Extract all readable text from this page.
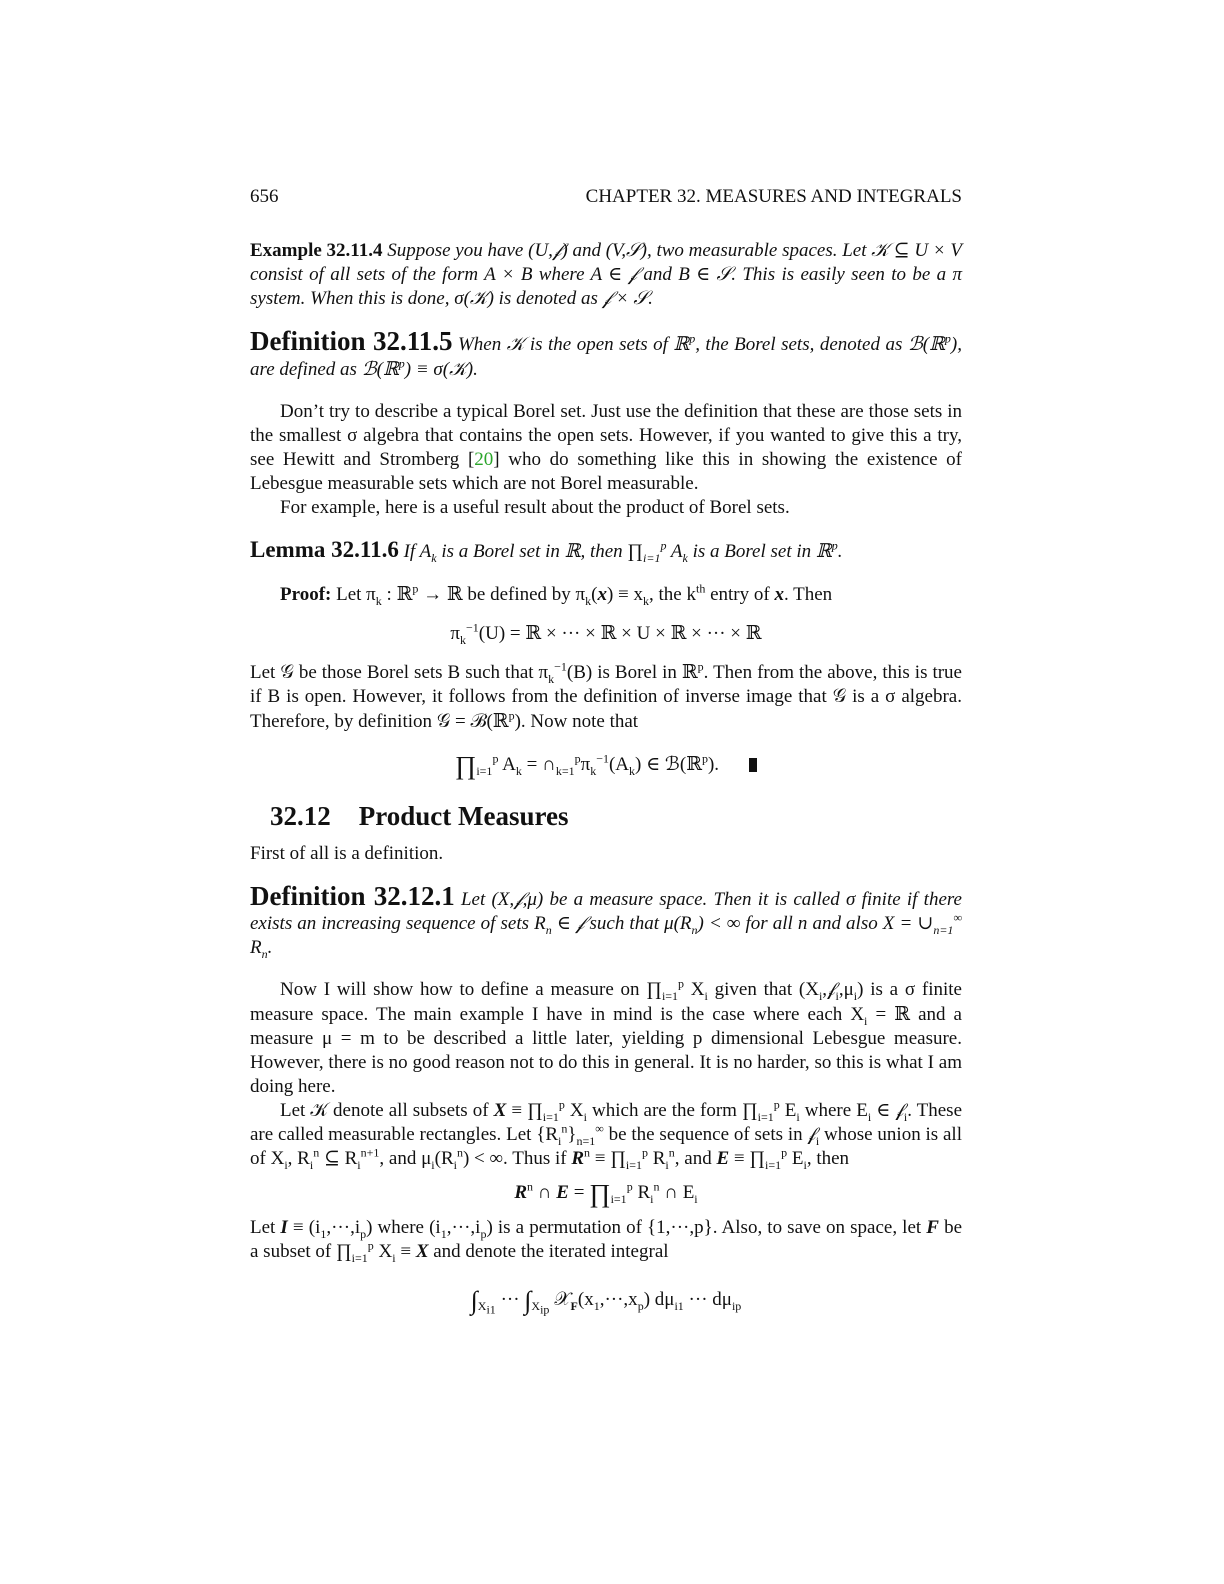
656	CHAPTER 32. MEASURES AND INTEGRALS

Example 32.11.4 Suppose you have (U,𝒻) and (V,𝒮), two measurable spaces. Let 𝒦 ⊆ U × V consist of all sets of the form A × B where A ∈ 𝒻 and B ∈ 𝒮. This is easily seen to be a π system. When this is done, σ(𝒦) is denoted as 𝒻 × 𝒮.

Definition 32.11.5 When 𝒦 is the open sets of ℝ$^p$, the Borel sets, denoted as ℬ(ℝ$^p$), are defined as ℬ(ℝ$^p$) ≡ σ(𝒦).

Don’t try to describe a typical Borel set. Just use the definition that these are those sets in the smallest σ algebra that contains the open sets. However, if you wanted to give this a try, see Hewitt and Stromberg [20] who do something like this in showing the existence of Lebesgue measurable sets which are not Borel measurable.

For example, here is a useful result about the product of Borel sets.

Lemma 32.11.6 If $A_k$ is a Borel set in ℝ, then $\prod_{i=1}^p$ $A_k$ is a Borel set in ℝ$^p$.

Proof: Let $\pi_k$ : ℝ$^p$ → ℝ be defined by $\pi_k(x) \equiv x_k$, the $k^{th}$ entry of x. Then

$\pi_k^{-1}(U)$ = ℝ × ··· × ℝ × U × ℝ × ··· × ℝ

Let 𝒢 be those Borel sets B such that $\pi_k^{-1}(B)$ is Borel in ℝ$^p$. Then from the above, this is true if B is open. However, it follows from the definition of inverse image that 𝒢 is a σ algebra. Therefore, by definition 𝒢 = ℬ(ℝ$^p$). Now note that

$\prod_{i=1}^p$ $A_k$ = $\cap_{k=1}^p\pi_k^{-1}(A_k)$ ∈ ℬ(ℝ$^p$).
32.12 Product Measures

First of all is a definition.

Definition 32.12.1 Let (X,𝒻,μ) be a measure space. Then it is called σ finite if there exists an increasing sequence of sets $R_n$ ∈ 𝒻 such that $\mu(R_n)$ < ∞ for all n and also $X = \cup_{n=1}^\infty$ $R_n$.

Now I will show how to define a measure on $\prod_{i=1}^p$ $X_i$ given that $(X_i,𝒻_i,\mu_i)$ is a σ finite measure space. The main example I have in mind is the case where each $X_i$ = ℝ and a measure μ = m to be described a little later, yielding p dimensional Lebesgue measure. However, there is no good reason not to do this in general. It is no harder, so this is what I am doing here.

Let 𝒦 denote all subsets of $X \equiv \prod_{i=1}^p$ $X_i$ which are the form $\prod_{i=1}^p$ $E_i$ where $E_i$ ∈ 𝒻$_i$. These are called measurable rectangles. Let $\{R_i^n\}_{n=1}^\infty$ be the sequence of sets in 𝒻$_i$ whose union is all of $X_i$, $R_i^n$ ⊆ $R_i^{n+1}$, and $\mu_i(R_i^n)$ < ∞. Thus if $R^n$ ≡ $\prod_{i=1}^p$ $R_i^n$, and $E \equiv \prod_{i=1}^p$ $E_i$, then

$R^n$ ∩ $E = \prod_{i=1}^p$ $R_i^n$ ∩ $E_i$

Let $I \equiv (i_1,\cdot\cdot\cdot,i_p)$ where $(i_1,\cdot\cdot\cdot,i_p)$ is a permutation of {1,···,p}. Also, to save on space, let F be a subset of $\prod_{i=1}^p$ $X_i \equiv X$ and denote the iterated integral

$\int_{X_{i1}}$ ··· $\int_{X_{ip}}$ $𝒳_F(x_1,\cdot\cdot\cdot,x_p)$ $d\mu_{i1}$ ··· $d\mu_{ip}$
